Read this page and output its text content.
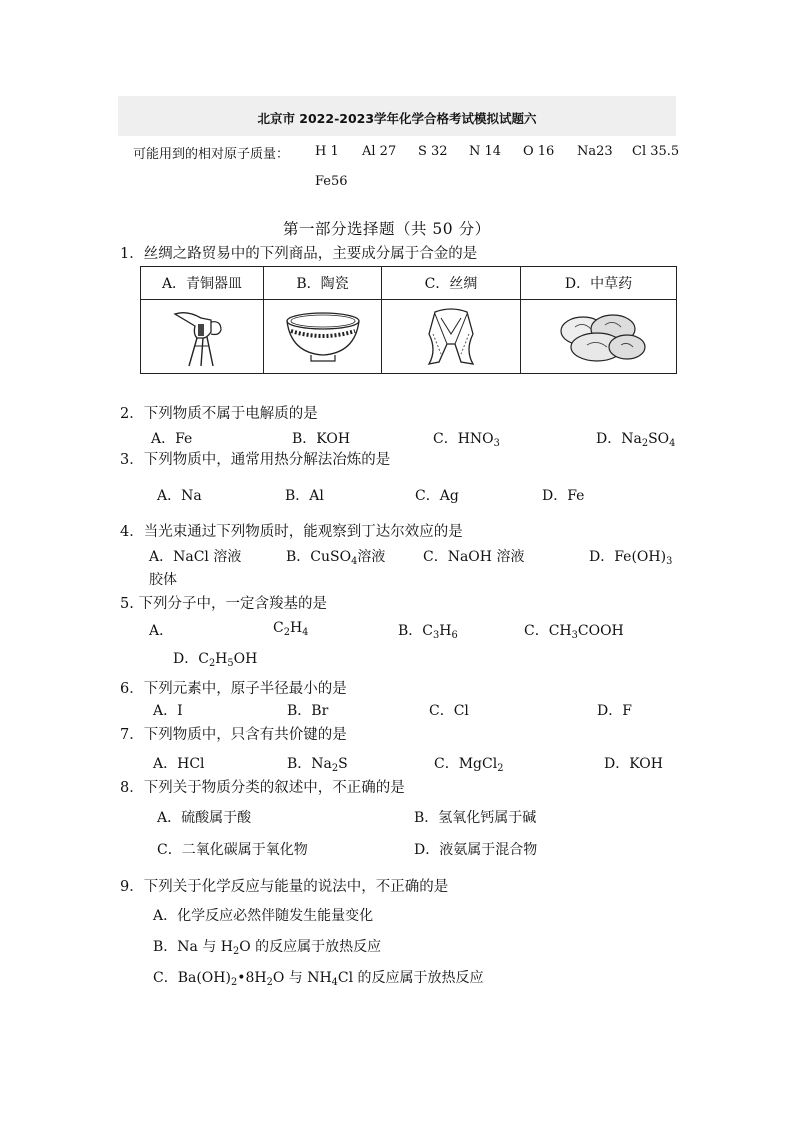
北京市 2022-2023学年化学合格考试模拟试题六
可能用到的相对原子质量： H 1 Al 27 S 32 N 14 O 16 Na23 Cl 35.5
Fe56
第一部分选择题（共 50 分）
1．丝绸之路贸易中的下列商品，主要成分属于合金的是
A．青铜器皿	B．陶瓷	C．丝绸	D．中草药

2．下列物质不属于电解质的是
A．Fe	B．KOH	C．$HNO_3$	D．$Na_2SO_4$
3．下列物质中，通常用热分解法冶炼的是
A．Na	B．Al	C．Ag	D．Fe
4．当光束通过下列物质时，能观察到丁达尔效应的是
A．NaCl 溶液	B．CuSO$_4$溶液	C．NaOH 溶液	D．$Fe(OH)_3$
胶体
5. 下列分子中，一定含羧基的是
A．	$C_2H_4$	B．$C_3H_6$	C．$CH_3COOH$
D．$C_2H_5OH$
6．下列元素中，原子半径最小的是
A．I	B．Br	C．Cl	D．F
7．下列物质中，只含有共价键的是
A．HCl	B．$Na_2S$	C．MgCl$_2$	D．KOH
8．下列关于物质分类的叙述中，不正确的是
A．硫酸属于酸	B．氢氧化钙属于碱
C．二氧化碳属于氧化物	D．液氨属于混合物
9．下列关于化学反应与能量的说法中，不正确的是
A．化学反应必然伴随发生能量变化
B．Na 与 $H_2O$ 的反应属于放热反应
C．$Ba(OH)_2•8H_2O$ 与 $NH_4Cl$ 的反应属于放热反应
